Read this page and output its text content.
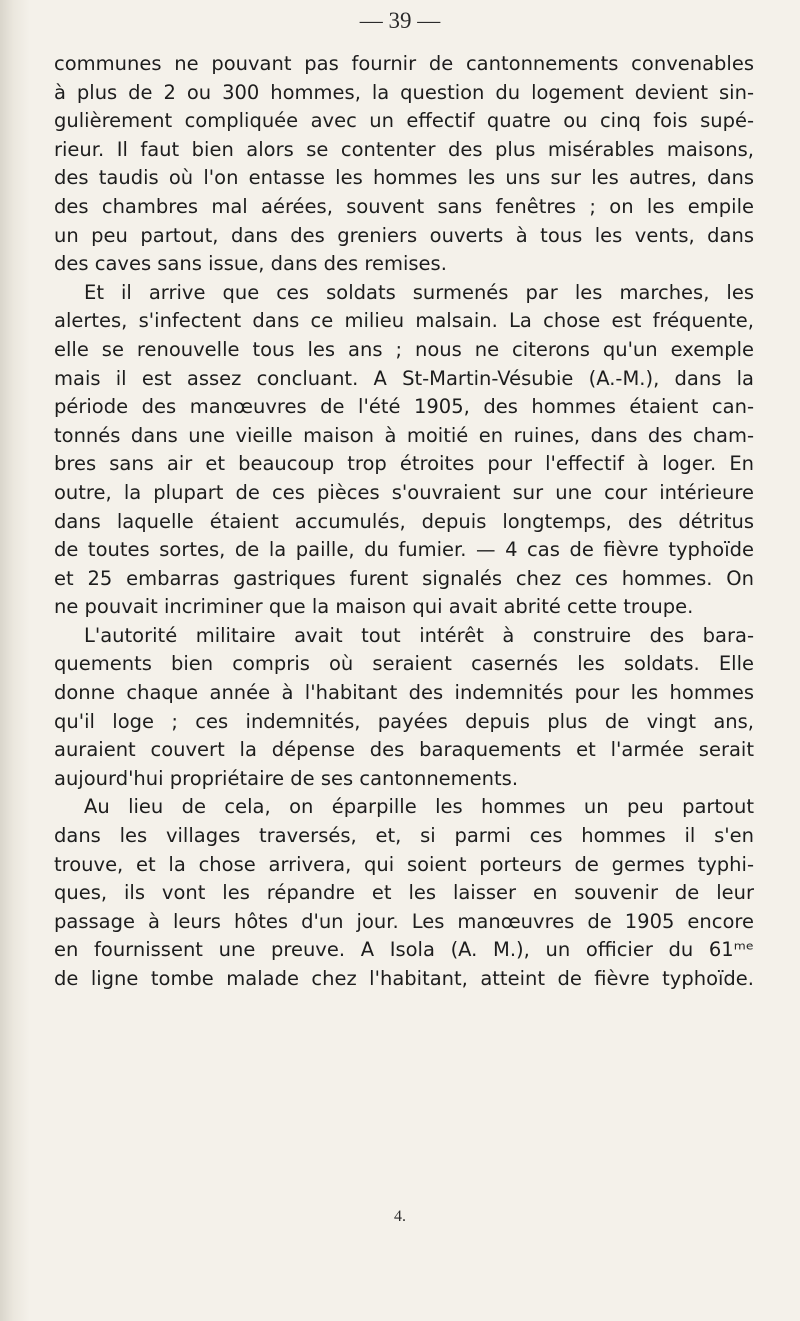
— 39 —
communes ne pouvant pas fournir de cantonnements convenables
à plus de 2 ou 300 hommes, la question du logement devient sin-
gulièrement compliquée avec un effectif quatre ou cinq fois supé-
rieur. Il faut bien alors se contenter des plus misérables maisons,
des taudis où l'on entasse les hommes les uns sur les autres, dans
des chambres mal aérées, souvent sans fenêtres ; on les empile
un peu partout, dans des greniers ouverts à tous les vents, dans
des caves sans issue, dans des remises.
Et il arrive que ces soldats surmenés par les marches, les
alertes, s'infectent dans ce milieu malsain. La chose est fréquente,
elle se renouvelle tous les ans ; nous ne citerons qu'un exemple
mais il est assez concluant. A St-Martin-Vésubie (A.-M.), dans la
période des manœuvres de l'été 1905, des hommes étaient can-
tonnés dans une vieille maison à moitié en ruines, dans des cham-
bres sans air et beaucoup trop étroites pour l'effectif à loger. En
outre, la plupart de ces pièces s'ouvraient sur une cour intérieure
dans laquelle étaient accumulés, depuis longtemps, des détritus
de toutes sortes, de la paille, du fumier. — 4 cas de fièvre typhoïde
et 25 embarras gastriques furent signalés chez ces hommes. On
ne pouvait incriminer que la maison qui avait abrité cette troupe.
L'autorité militaire avait tout intérêt à construire des bara-
quements bien compris où seraient casernés les soldats. Elle
donne chaque année à l'habitant des indemnités pour les hommes
qu'il loge ; ces indemnités, payées depuis plus de vingt ans,
auraient couvert la dépense des baraquements et l'armée serait
aujourd'hui propriétaire de ses cantonnements.
Au lieu de cela, on éparpille les hommes un peu partout
dans les villages traversés, et, si parmi ces hommes il s'en
trouve, et la chose arrivera, qui soient porteurs de germes typhi-
ques, ils vont les répandre et les laisser en souvenir de leur
passage à leurs hôtes d'un jour. Les manœuvres de 1905 encore
en fournissent une preuve. A Isola (A. M.), un officier du 61ᵐᵉ
de ligne tombe malade chez l'habitant, atteint de fièvre typhoïde.
4.
